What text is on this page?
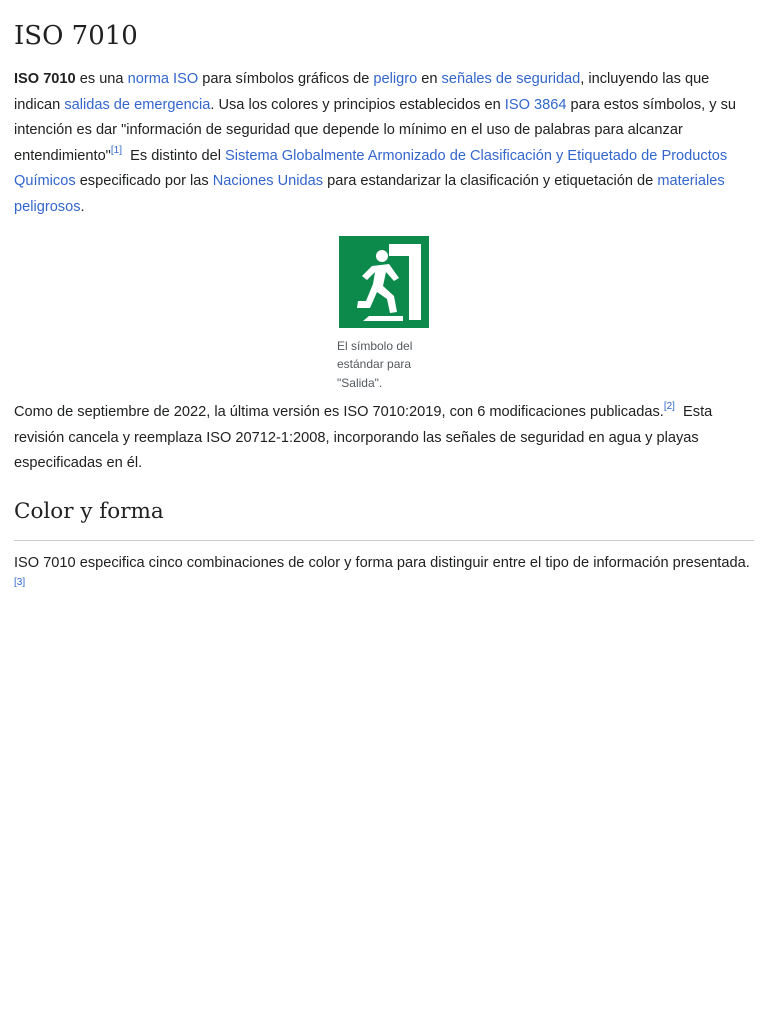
ISO 7010

ISO 7010 es una norma ISO para símbolos gráficos de peligro en señales de seguridad, incluyendo las que indican salidas de emergencia. Usa los colores y principios establecidos en ISO 3864 para estos símbolos, y su intención es dar "información de seguridad que depende lo mínimo en el uso de palabras para alcanzar entendimiento"[1]  Es distinto del Sistema Globalmente Armonizado de Clasificación y Etiquetado de Productos Químicos especificado por las Naciones Unidas para estandarizar la clasificación y etiquetación de materiales peligrosos.

El símbolo del estándar para "Salida".

Como de septiembre de 2022, la última versión es ISO 7010:2019, con 6 modificaciones publicadas.[2]  Esta revisión cancela y reemplaza ISO 20712-1:2008, incorporando las señales de seguridad en agua y playas especificadas en él.

Color y forma

ISO 7010 especifica cinco combinaciones de color y forma para distinguir entre el tipo de información presentada.[3]
